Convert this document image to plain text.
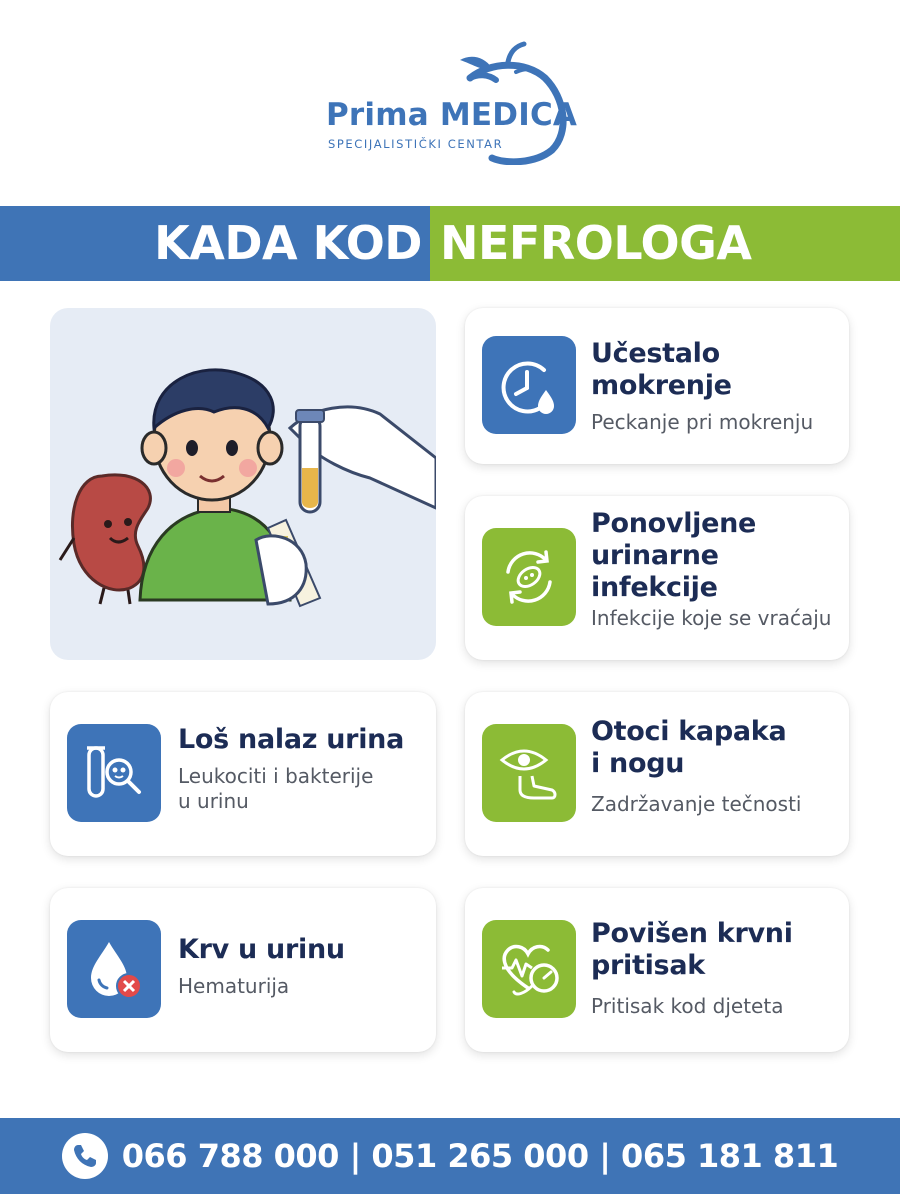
Prima MEDICA
SPECIJALISTIČKI CENTAR
KADA KOD NEFROLOGA
Učestalo
mokrenje
Peckanje pri mokrenju
Ponovljene
urinarne
infekcije
Infekcije koje se vraćaju
Loš nalaz urina
Leukociti i bakterije
u urinu
Otoci kapaka
i nogu
Zadržavanje tečnosti
Krv u urinu
Hematurija
Povišen krvni
pritisak
Pritisak kod djeteta
066 788 000 | 051 265 000 | 065 181 811
